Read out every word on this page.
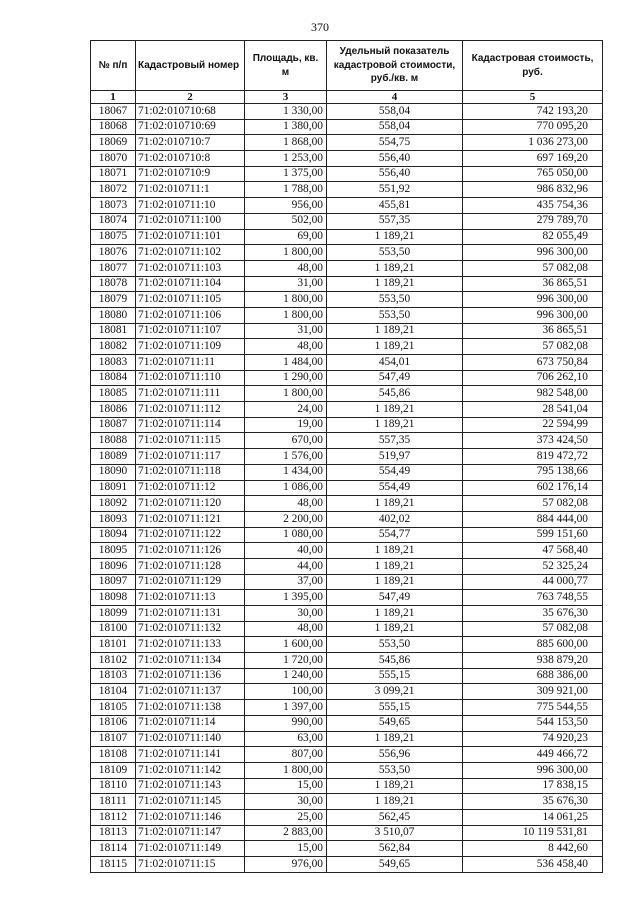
370
№ п/п	Кадастровый номер	Площадь, кв. м	Удельный показатель кадастровой стоимости, руб./кв. м	Кадастровая стоимость, руб.
1	2	3	4	5
18067	71:02:010710:68	1 330,00	558,04	742 193,20
18068	71:02:010710:69	1 380,00	558,04	770 095,20
18069	71:02:010710:7	1 868,00	554,75	1 036 273,00
18070	71:02:010710:8	1 253,00	556,40	697 169,20
18071	71:02:010710:9	1 375,00	556,40	765 050,00
18072	71:02:010711:1	1 788,00	551,92	986 832,96
18073	71:02:010711:10	956,00	455,81	435 754,36
18074	71:02:010711:100	502,00	557,35	279 789,70
18075	71:02:010711:101	69,00	1 189,21	82 055,49
18076	71:02:010711:102	1 800,00	553,50	996 300,00
18077	71:02:010711:103	48,00	1 189,21	57 082,08
18078	71:02:010711:104	31,00	1 189,21	36 865,51
18079	71:02:010711:105	1 800,00	553,50	996 300,00
18080	71:02:010711:106	1 800,00	553,50	996 300,00
18081	71:02:010711:107	31,00	1 189,21	36 865,51
18082	71:02:010711:109	48,00	1 189,21	57 082,08
18083	71:02:010711:11	1 484,00	454,01	673 750,84
18084	71:02:010711:110	1 290,00	547,49	706 262,10
18085	71:02:010711:111	1 800,00	545,86	982 548,00
18086	71:02:010711:112	24,00	1 189,21	28 541,04
18087	71:02:010711:114	19,00	1 189,21	22 594,99
18088	71:02:010711:115	670,00	557,35	373 424,50
18089	71:02:010711:117	1 576,00	519,97	819 472,72
18090	71:02:010711:118	1 434,00	554,49	795 138,66
18091	71:02:010711:12	1 086,00	554,49	602 176,14
18092	71:02:010711:120	48,00	1 189,21	57 082,08
18093	71:02:010711:121	2 200,00	402,02	884 444,00
18094	71:02:010711:122	1 080,00	554,77	599 151,60
18095	71:02:010711:126	40,00	1 189,21	47 568,40
18096	71:02:010711:128	44,00	1 189,21	52 325,24
18097	71:02:010711:129	37,00	1 189,21	44 000,77
18098	71:02:010711:13	1 395,00	547,49	763 748,55
18099	71:02:010711:131	30,00	1 189,21	35 676,30
18100	71:02:010711:132	48,00	1 189,21	57 082,08
18101	71:02:010711:133	1 600,00	553,50	885 600,00
18102	71:02:010711:134	1 720,00	545,86	938 879,20
18103	71:02:010711:136	1 240,00	555,15	688 386,00
18104	71:02:010711:137	100,00	3 099,21	309 921,00
18105	71:02:010711:138	1 397,00	555,15	775 544,55
18106	71:02:010711:14	990,00	549,65	544 153,50
18107	71:02:010711:140	63,00	1 189,21	74 920,23
18108	71:02:010711:141	807,00	556,96	449 466,72
18109	71:02:010711:142	1 800,00	553,50	996 300,00
18110	71:02:010711:143	15,00	1 189,21	17 838,15
18111	71:02:010711:145	30,00	1 189,21	35 676,30
18112	71:02:010711:146	25,00	562,45	14 061,25
18113	71:02:010711:147	2 883,00	3 510,07	10 119 531,81
18114	71:02:010711:149	15,00	562,84	8 442,60
18115	71:02:010711:15	976,00	549,65	536 458,40
